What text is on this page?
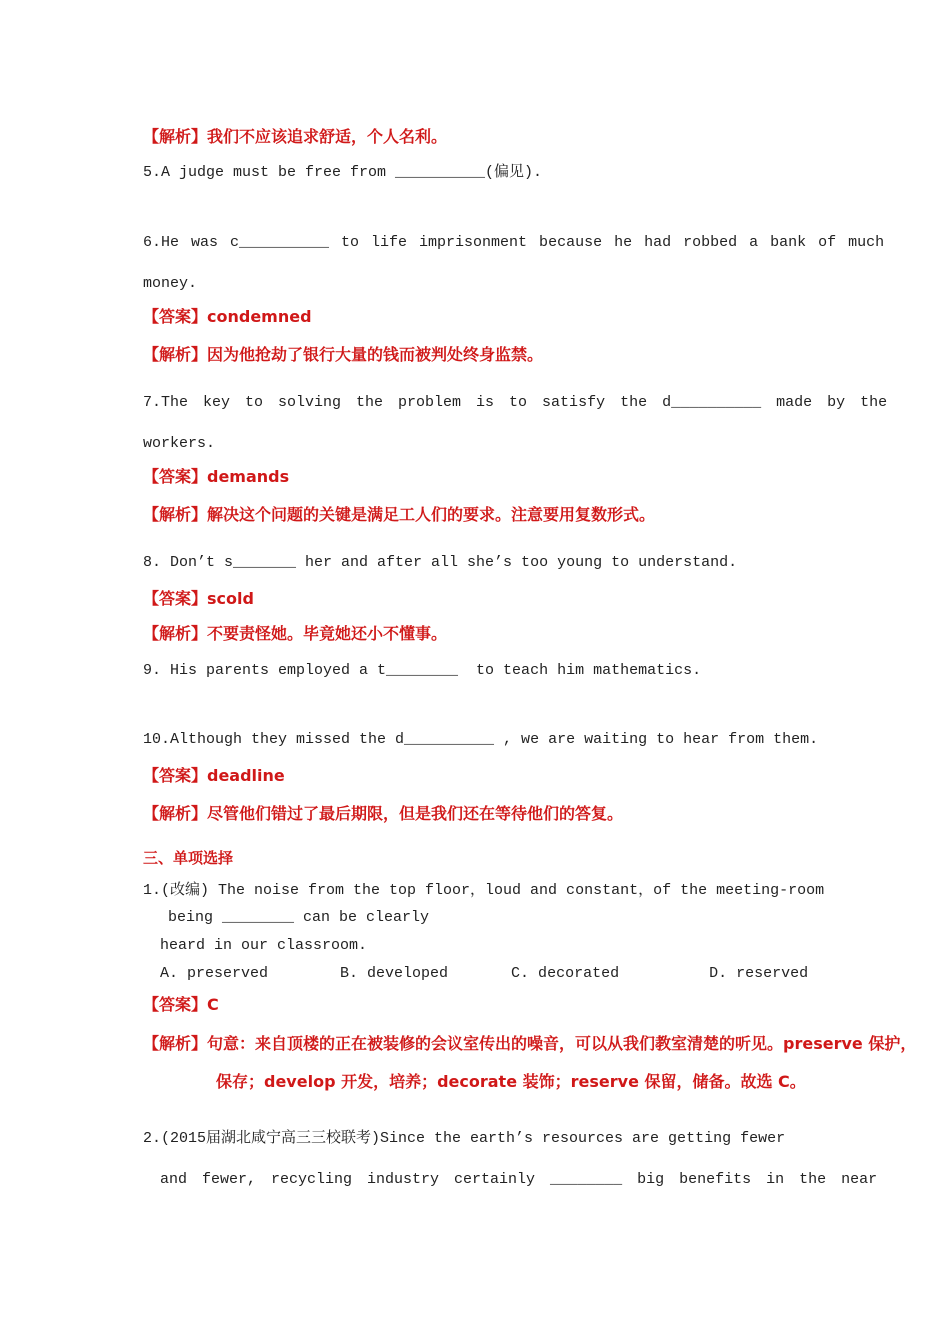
【解析】我们不应该追求舒适，个人名利。
5.A judge must be free from __________(偏见).
6.He was c__________ to life imprisonment because he had robbed a bank of much
money.
【答案】condemned
【解析】因为他抢劫了银行大量的钱而被判处终身监禁。
7.The key to solving the problem is to satisfy the d__________ made by the
workers.
【答案】demands
【解析】解决这个问题的关键是满足工人们的要求。注意要用复数形式。
8. Don’t s_______ her and after all she’s too young to understand.
【答案】scold
【解析】不要责怪她。毕竟她还小不懂事。
9. His parents employed a t________  to teach him mathematics.
10.Although they missed the d__________ , we are waiting to hear from them.
【答案】deadline
【解析】尽管他们错过了最后期限，但是我们还在等待他们的答复。
三、单项选择
1.(改编) The noise from the top floor，loud and constant，of the meeting-room
being ________ can be clearly
heard in our classroom.
A. preserved        B. developed       C. decorated          D. reserved
【答案】C
【解析】句意：来自顶楼的正在被装修的会议室传出的噪音，可以从我们教室清楚的听见。preserve 保护，
保存；develop 开发，培养；decorate 装饰；reserve 保留，储备。故选 C。
2.(2015届湖北咸宁高三三校联考)Since the earth’s resources are getting fewer
and fewer, recycling industry certainly ________ big benefits in the near
